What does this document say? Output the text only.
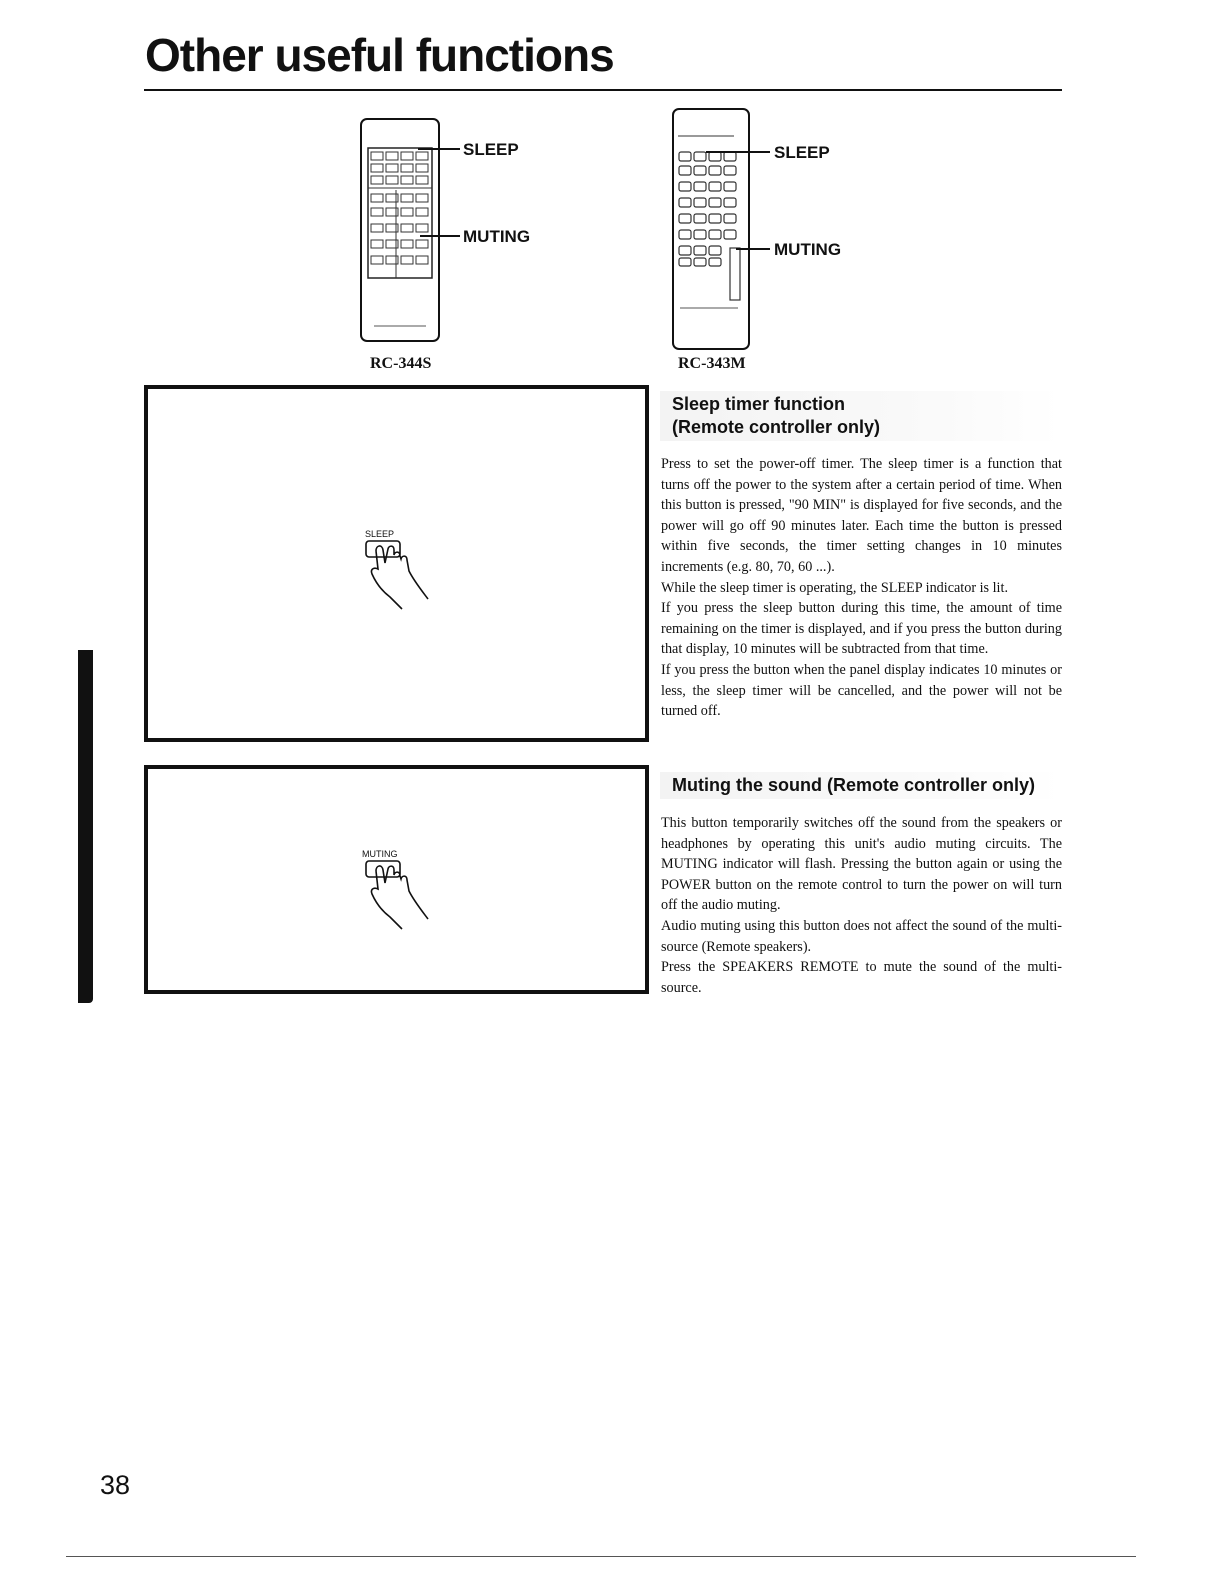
Other useful functions
SLEEP
MUTING
RC-344S
SLEEP
MUTING
RC-343M
SLEEP
MUTING
Sleep timer function
(Remote controller only)

Press to set the power-off timer. The sleep timer is a function that turns off the power to the system after a certain period of time. When this button is pressed, "90 MIN" is displayed for five seconds, and the power will go off 90 minutes later. Each time the button is pressed within five seconds, the timer setting changes in 10 minutes increments (e.g. 80, 70, 60 ...).

While the sleep timer is operating, the SLEEP indicator is lit.

If you press the sleep button during this time, the amount of time remaining on the timer is displayed, and if you press the button during that display, 10 minutes will be subtracted from that time.

If you press the button when the panel display indicates 10 minutes or less, the sleep timer will be cancelled, and the power will not be turned off.

Muting the sound (Remote controller only)

This button temporarily switches off the sound from the speakers or headphones by operating this unit's audio muting circuits. The MUTING indicator will flash. Pressing the button again or using the POWER button on the remote control to turn the power on will turn off the audio muting.

Audio muting using this button does not affect the sound of the multi-source (Remote speakers).

Press the SPEAKERS REMOTE to mute the sound of the multi-source.

38
